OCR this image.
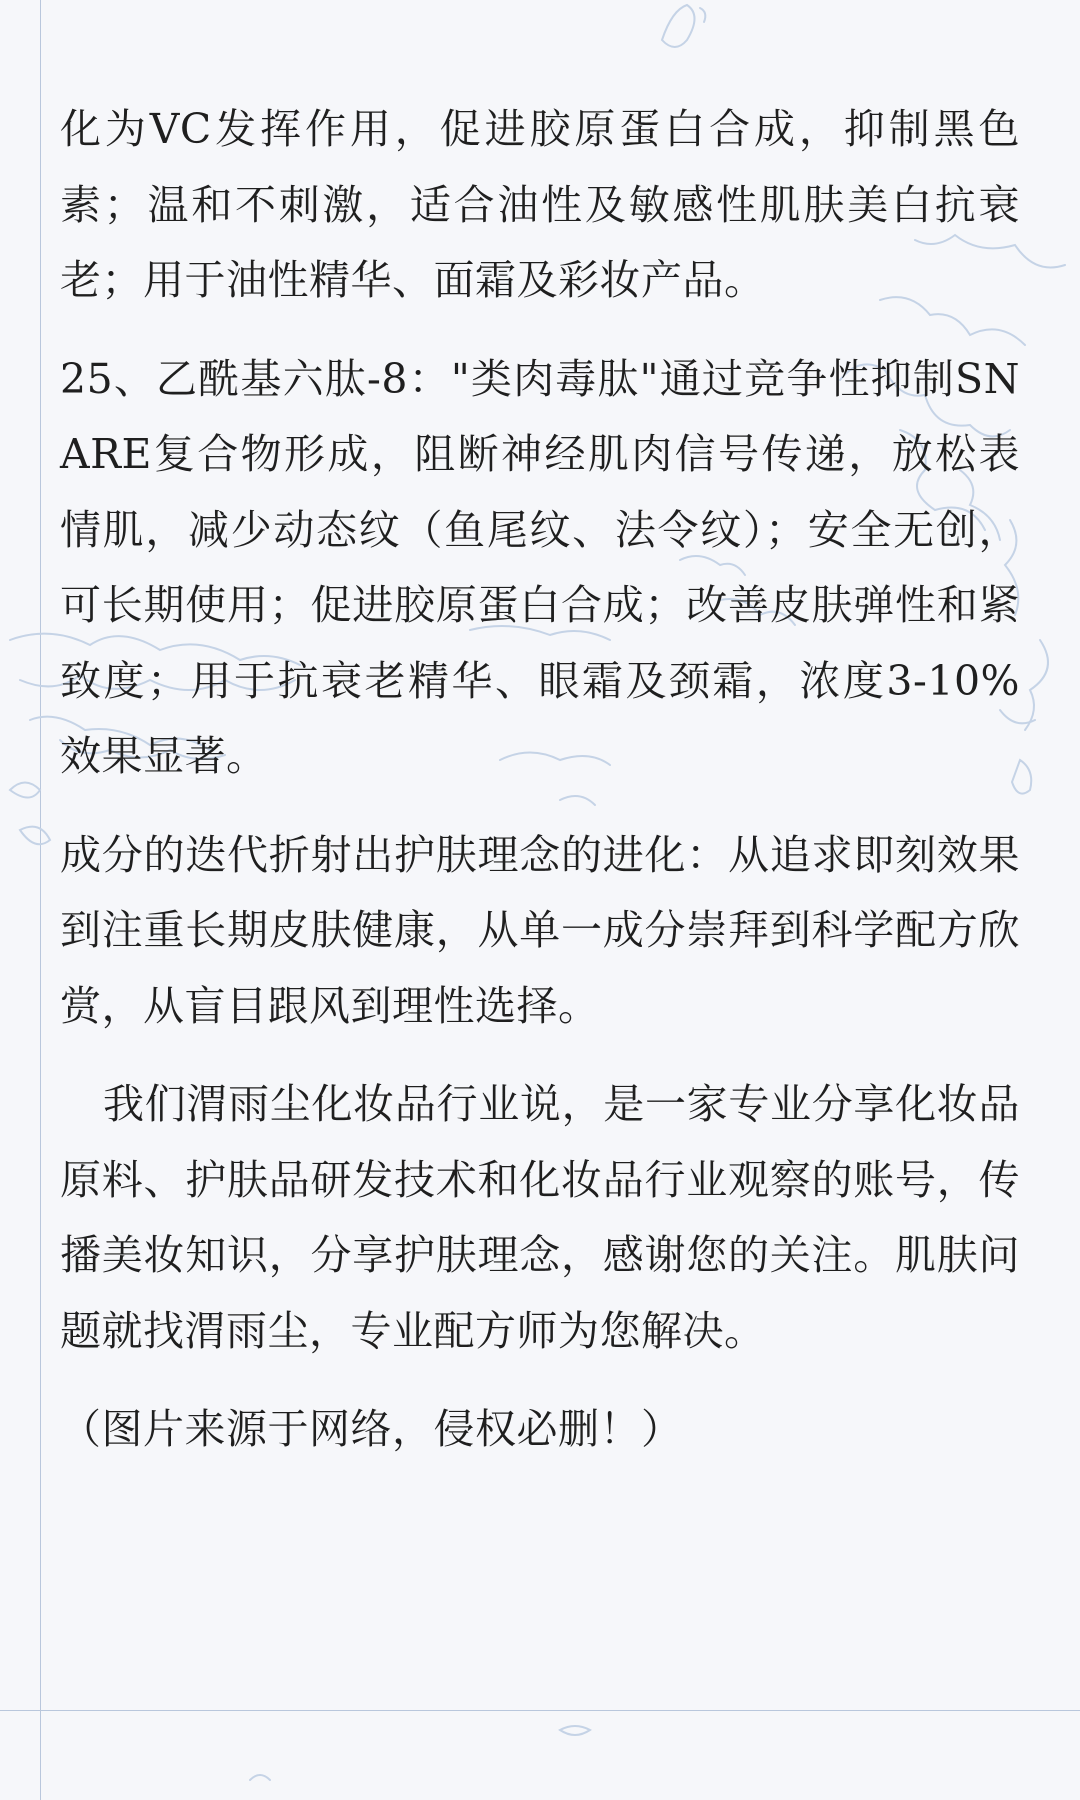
化为VC发挥作用，促进胶原蛋白合成，抑制黑色素；温和不刺激，适合油性及敏感性肌肤美白抗衰老；用于油性精华、面霜及彩妆产品。

25、乙酰基六肽-8："类肉毒肽"通过竞争性抑制SNARE复合物形成，阻断神经肌肉信号传递，放松表情肌，减少动态纹（鱼尾纹、法令纹）；安全无创，可长期使用；促进胶原蛋白合成；改善皮肤弹性和紧致度；用于抗衰老精华、眼霜及颈霜，浓度3-10%效果显著。

成分的迭代折射出护肤理念的进化：从追求即刻效果到注重长期皮肤健康，从单一成分崇拜到科学配方欣赏，从盲目跟风到理性选择。

我们渭雨尘化妆品行业说，是一家专业分享化妆品原料、护肤品研发技术和化妆品行业观察的账号，传播美妆知识，分享护肤理念，感谢您的关注。肌肤问题就找渭雨尘，专业配方师为您解决。

（图片来源于网络，侵权必删！）
